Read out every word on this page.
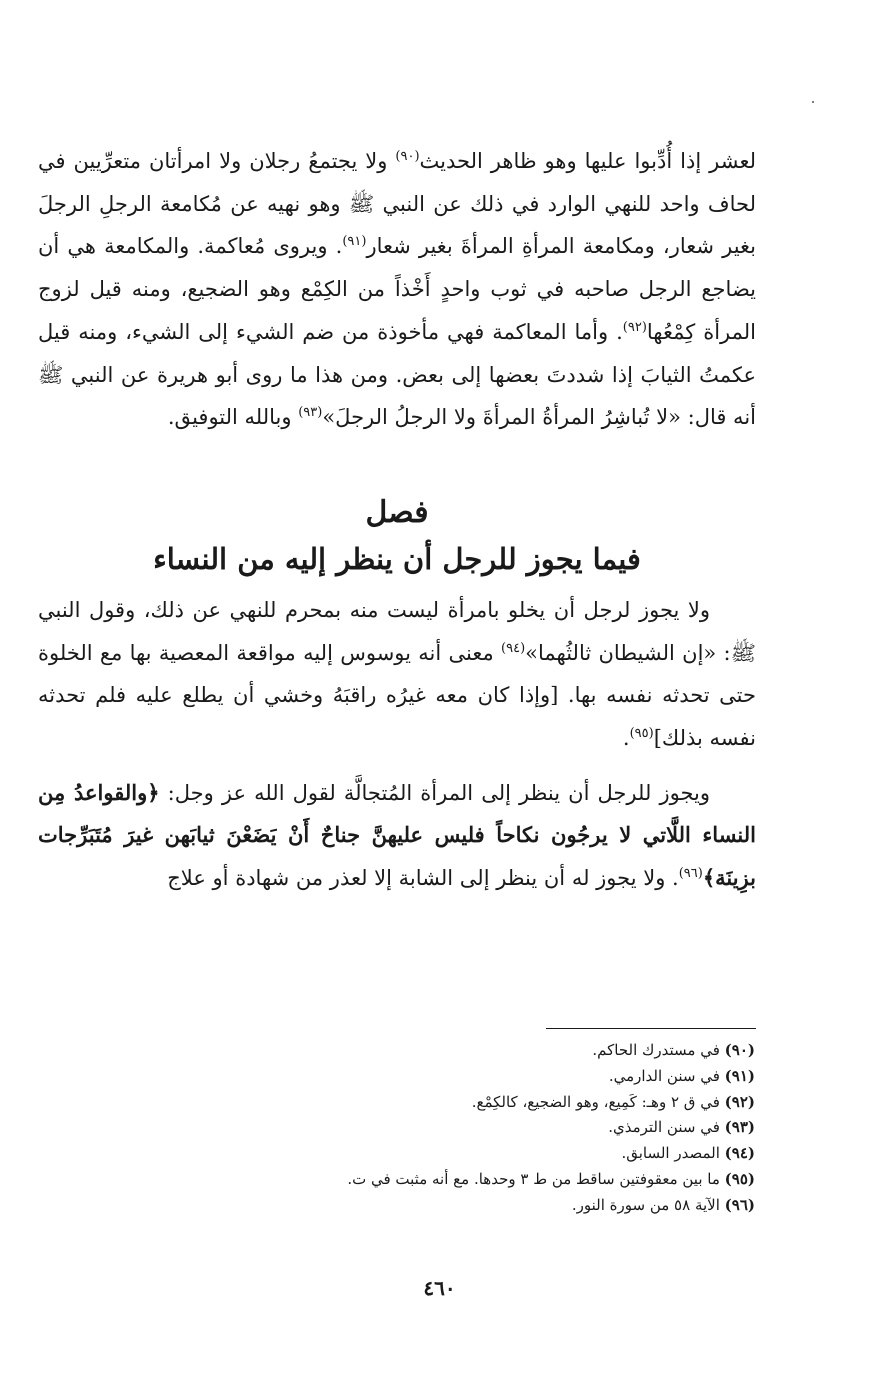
لعشر إذا أُدِّبوا عليها وهو ظاهر الحديث$^{(٩٠)}$ ولا يجتمعُ رجلان ولا امرأتان متعرِّيين في لحاف واحد للنهي الوارد في ذلك عن النبي ﷺ وهو نهيه عن مُكامعة الرجلِ الرجلَ بغير شعار، ومكامعة المرأةِ المرأةَ بغير شعار$^{(٩١)}$. ويروى مُعاكمة. والمكامعة هي أن يضاجع الرجل صاحبه في ثوب واحدٍ أَخْذاً من الكِمْع وهو الضجيع، ومنه قيل لزوج المرأة كِمْعُها$^{(٩٢)}$. وأما المعاكمة فهي مأخوذة من ضم الشيء إلى الشيء، ومنه قيل عكمتُ الثيابَ إذا شددتَ بعضها إلى بعض. ومن هذا ما روى أبو هريرة عن النبي ﷺ أنه قال: «لا تُباشِرُ المرأةُ المرأةَ ولا الرجلُ الرجلَ»$^{(٩٣)}$ وبالله التوفيق.

فصل
فيما يجوز للرجل أن ينظر إليه من النساء

ولا يجوز لرجل أن يخلو بامرأة ليست منه بمحرم للنهي عن ذلك، وقول النبي ﷺ: «إن الشيطان ثالثُهما»$^{(٩٤)}$ معنى أنه يوسوس إليه مواقعة المعصية بها مع الخلوة حتى تحدثه نفسه بها. [وإذا كان معه غيرُه راقبَهُ وخشي أن يطلع عليه فلم تحدثه نفسه بذلك]$^{(٩٥)}$.

ويجوز للرجل أن ينظر إلى المرأة المُتجالَّة لقول الله عز وجل: ﴿والقواعدُ مِن النساء اللَّاتي لا يرجُون نكاحاً فليس عليهنَّ جناحٌ أَنْ يَضَعْنَ ثيابَهن غيرَ مُتَبَرِّجات بزِينَة﴾$^{(٩٦)}$. ولا يجوز له أن ينظر إلى الشابة إلا لعذر من شهادة أو علاج

(٩٠) في مستدرك الحاكم.
(٩١) في سنن الدارمي.
(٩٢) في ق ٢ وهـ: كَمِيع، وهو الضجيع، كالكِمْع.
(٩٣) في سنن الترمذي.
(٩٤) المصدر السابق.
(٩٥) ما بين معقوفتين ساقط من ط ٣ وحدها. مع أنه مثبت في ت.
(٩٦) الآية ٥٨ من سورة النور.
٤٦٠
